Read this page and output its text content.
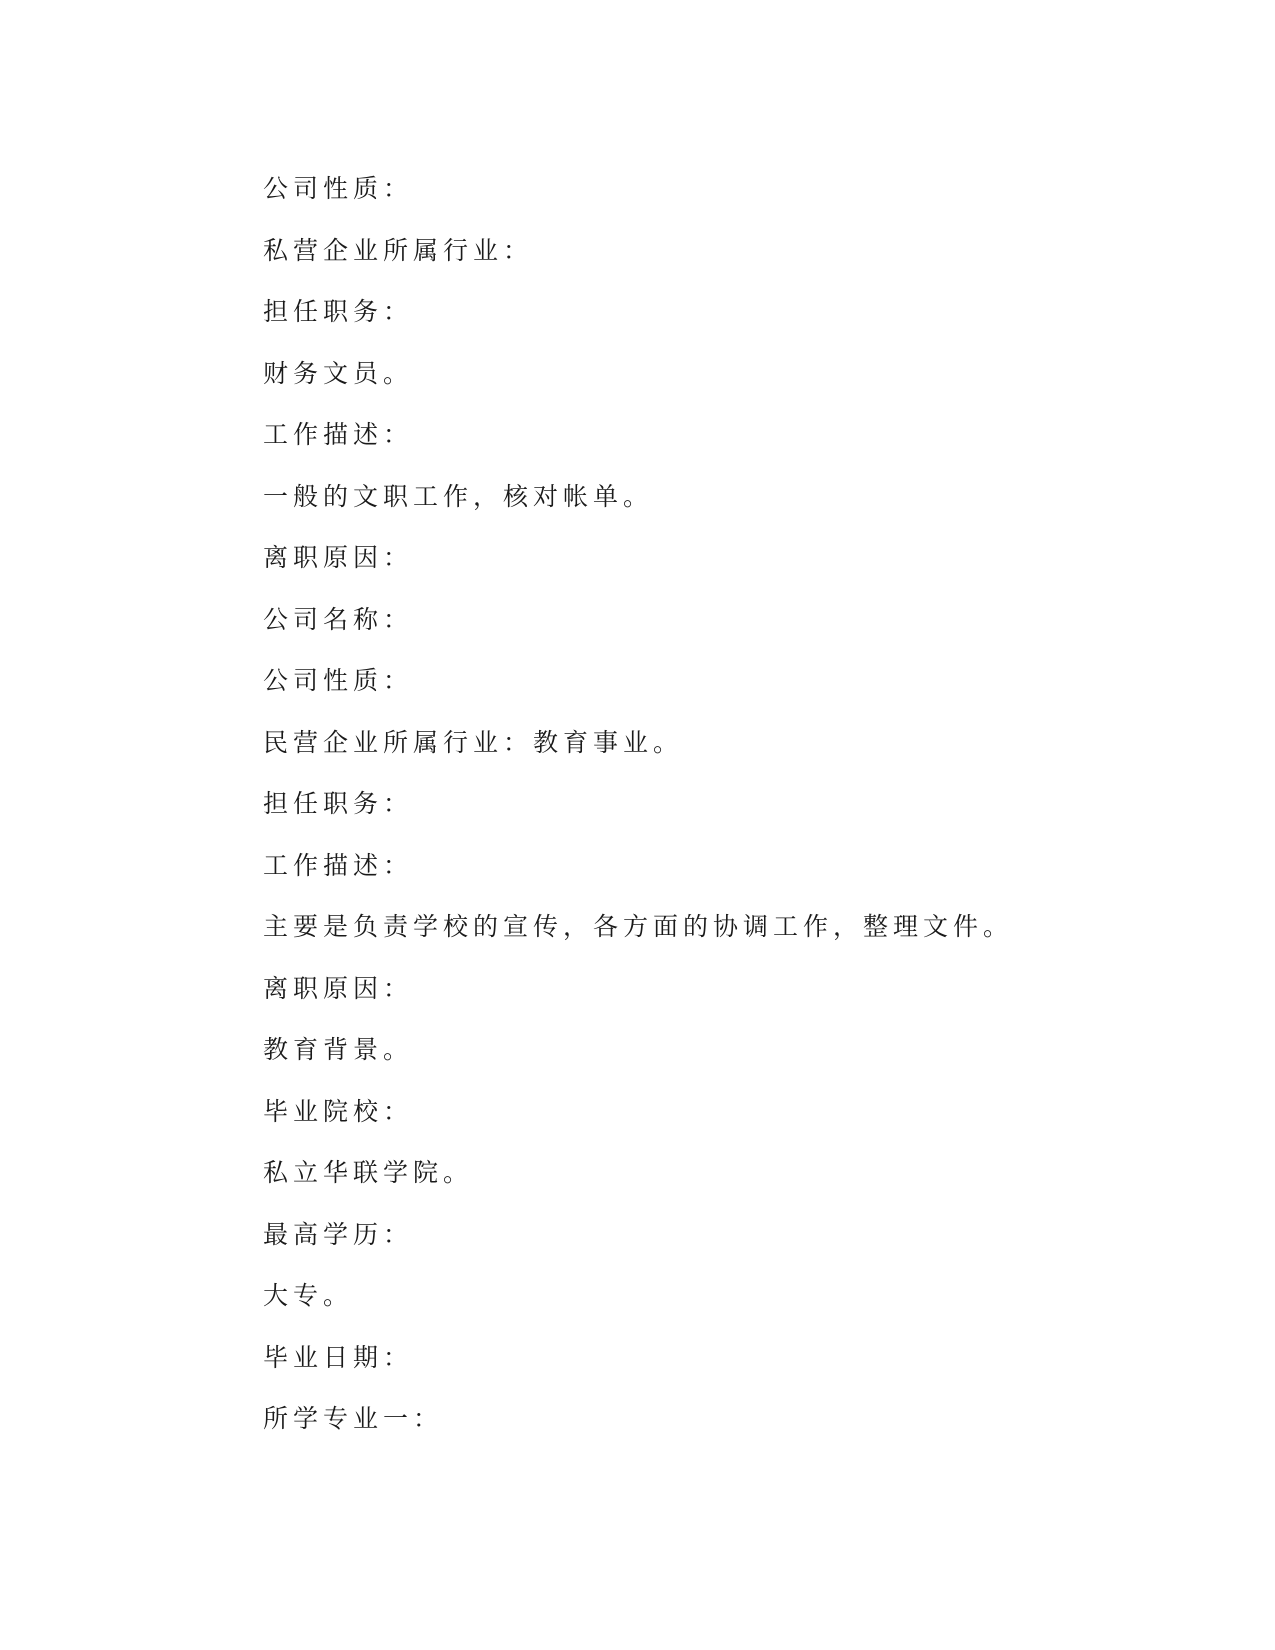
公司性质：
私营企业所属行业：
担任职务：
财务文员。
工作描述：
一般的文职工作，核对帐单。
离职原因：
公司名称：
公司性质：
民营企业所属行业：教育事业。
担任职务：
工作描述：
主要是负责学校的宣传，各方面的协调工作，整理文件。
离职原因：
教育背景。
毕业院校：
私立华联学院。
最高学历：
大专。
毕业日期：
所学专业一：
